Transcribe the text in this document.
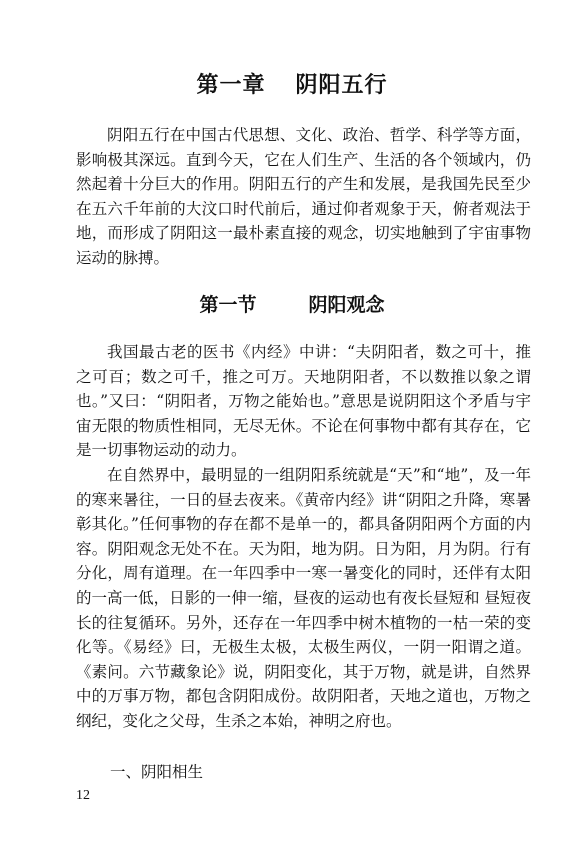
第一章 阴阳五行

阴阳五行在中国古代思想、文化、政治、哲学、科学等方面，影响极其深远。直到今天，它在人们生产、生活的各个领域内，仍然起着十分巨大的作用。阴阳五行的产生和发展，是我国先民至少在五六千年前的大汶口时代前后，通过仰者观象于天，俯者观法于地，而形成了阴阳这一最朴素直接的观念，切实地触到了宇宙事物运动的脉搏。

第一节	阴阳观念

我国最古老的医书《内经》中讲：“夫阴阳者，数之可十，推之可百；数之可千，推之可万。天地阴阳者，不以数推以象之谓也。”又曰：“阴阳者，万物之能始也。”意思是说阴阳这个矛盾与宇宙无限的物质性相同，无尽无休。不论在何事物中都有其存在，它是一切事物运动的动力。

在自然界中，最明显的一组阴阳系统就是“天”和“地”，及一年的寒来暑往，一日的昼去夜来。《黄帝内经》讲“阴阳之升降，寒暑彰其化。”任何事物的存在都不是单一的，都具备阴阳两个方面的内容。阴阳观念无处不在。天为阳，地为阴。日为阳，月为阴。行有分化，周有道理。在一年四季中一寒一暑变化的同时，还伴有太阳的一高一低，日影的一伸一缩，昼夜的运动也有夜长昼短和 昼短夜长的往复循环。另外，还存在一年四季中树木植物的一枯一荣的变化等。《易经》曰，无极生太极，太极生两仪，一阴一阳谓之道。《素问。六节藏象论》说，阴阳变化，其于万物，就是讲，自然界中的万事万物，都包含阴阳成份。故阴阳者，天地之道也，万物之纲纪，变化之父母，生杀之本始，神明之府也。

一、阴阳相生

12
